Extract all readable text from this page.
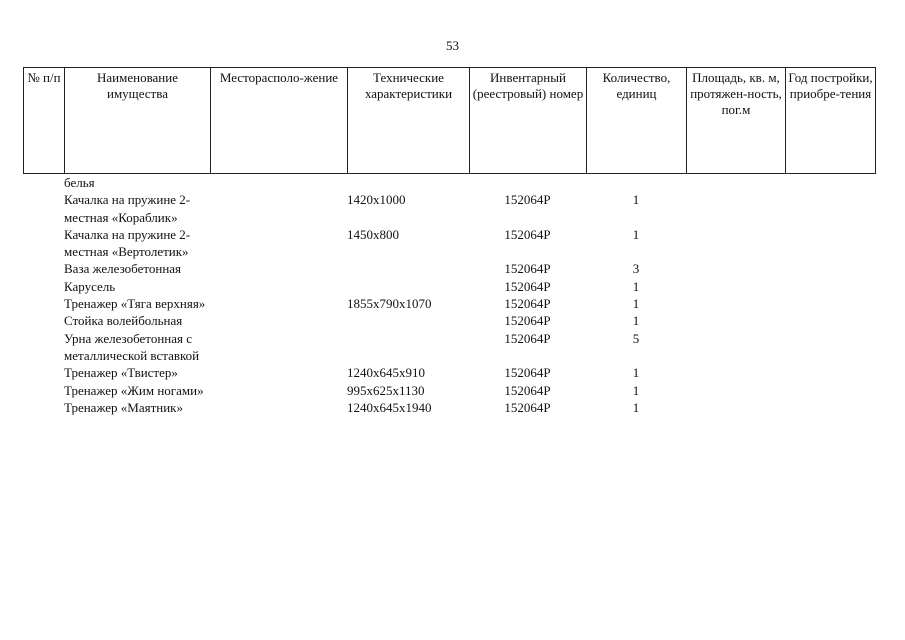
53
№ п/п	Наименование имущества	Месторасполо-жение	Технические характеристики	Инвентарный (реестровый) номер	Количество, единиц	Площадь, кв. м, протяжен-ность, пог.м	Год постройки, приобре-тения
	белья						
	Качалка на пружине 2-местная «Кораблик»		1420х1000	152064Р	1		
	Качалка на пружине 2-местная «Вертолетик»		1450х800	152064Р	1		
	Ваза железобетонная			152064Р	3		
	Карусель			152064Р	1		
	Тренажер «Тяга верхняя»		1855х790х1070	152064Р	1		
	Стойка волейбольная			152064Р	1		
	Урна железобетонная с металлической вставкой			152064Р	5		
	Тренажер «Твистер»		1240х645х910	152064Р	1		
	Тренажер «Жим ногами»		995х625х1130	152064Р	1		
	Тренажер «Маятник»		1240х645х1940	152064Р	1		
